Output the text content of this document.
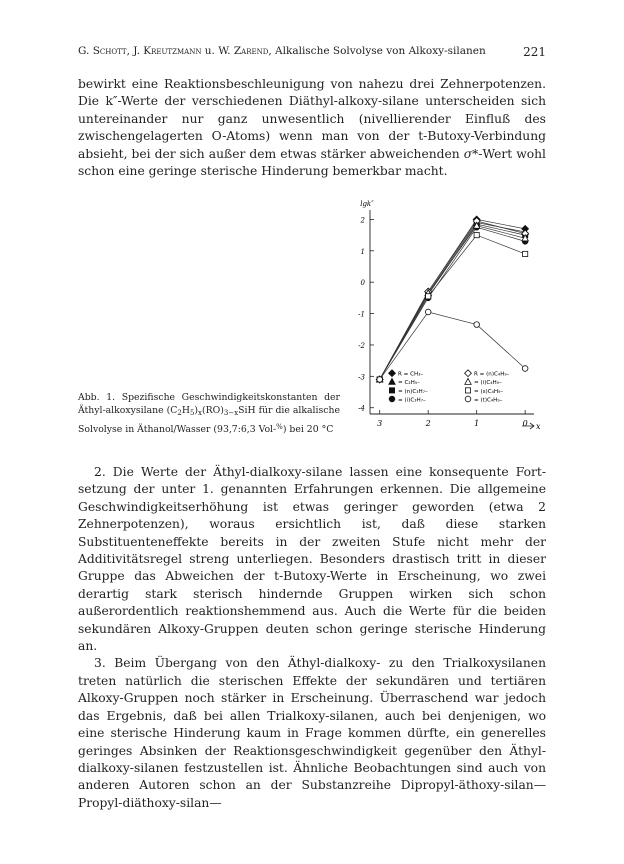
G. Schott, J. Kreutzmann u. W. Zarend, Alkalische Solvolyse von Alkoxy-silanen	221

bewirkt eine Reaktionsbeschleunigung von nahezu drei Zehnerpotenzen. Die k″-Werte der verschiedenen Diäthyl-alkoxy-silane unterscheiden sich untereinander nur ganz unwesentlich (nivellierender Einfluß des zwischengelagerten O-Atoms) wenn man von der t-Butoxy-Verbindung absieht, bei der sich außer dem etwas stärker abweichenden σ*-Wert wohl schon eine geringe sterische Hinderung bemerkbar macht.

lgk″
x
2
1
0
-1
-2
-3
-4
3	2	1	0
R = CH₃–
= C₂H₅–
= (n)C₃H₇–
= (i)C₃H₇–
R = (n)C₄H₉–
= (i)C₄H₉–
= (s)C₄H₉–
= (t)C₄H₉–
Abb. 1. Spezifische Geschwindigkeitskonstanten der Äthyl-alkoxysilane $(C_2H_5)_x(RO)_{3-x}SiH$ für die alkalische Solvolyse in Äthanol/Wasser (93,7:6,3 Vol-%) bei 20 °C

2. Die Werte der Äthyl-dialkoxy-silane lassen eine konsequente Fortsetzung der unter 1. genannten Erfahrungen erkennen. Die allgemeine Geschwindigkeitserhöhung ist etwas geringer geworden (etwa 2 Zehnerpotenzen), woraus ersichtlich ist, daß diese starken Substituenteneffekte bereits in der zweiten Stufe nicht mehr der Additivitätsregel streng unterliegen. Besonders drastisch tritt in dieser Gruppe das Abweichen der t-Butoxy-Werte in Erscheinung, wo zwei derartig stark sterisch hindernde Gruppen wirken sich schon außerordentlich reaktionshemmend aus. Auch die Werte für die beiden sekundären Alkoxy-Gruppen deuten schon geringe sterische Hinderung an.

3. Beim Übergang von den Äthyl-dialkoxy- zu den Trialkoxysilanen treten natürlich die sterischen Effekte der sekundären und tertiären Alkoxy-Gruppen noch stärker in Erscheinung. Überraschend war jedoch das Ergebnis, daß bei allen Trialkoxy-silanen, auch bei denjenigen, wo eine sterische Hinderung kaum in Frage kommen dürfte, ein generelles geringes Absinken der Reaktionsgeschwindigkeit gegenüber den Äthyl-dialkoxy-silanen festzustellen ist. Ähnliche Beobachtungen sind auch von anderen Autoren schon an der Substanzreihe Dipropyl-äthoxy-silan—Propyl-diäthoxy-silan—
